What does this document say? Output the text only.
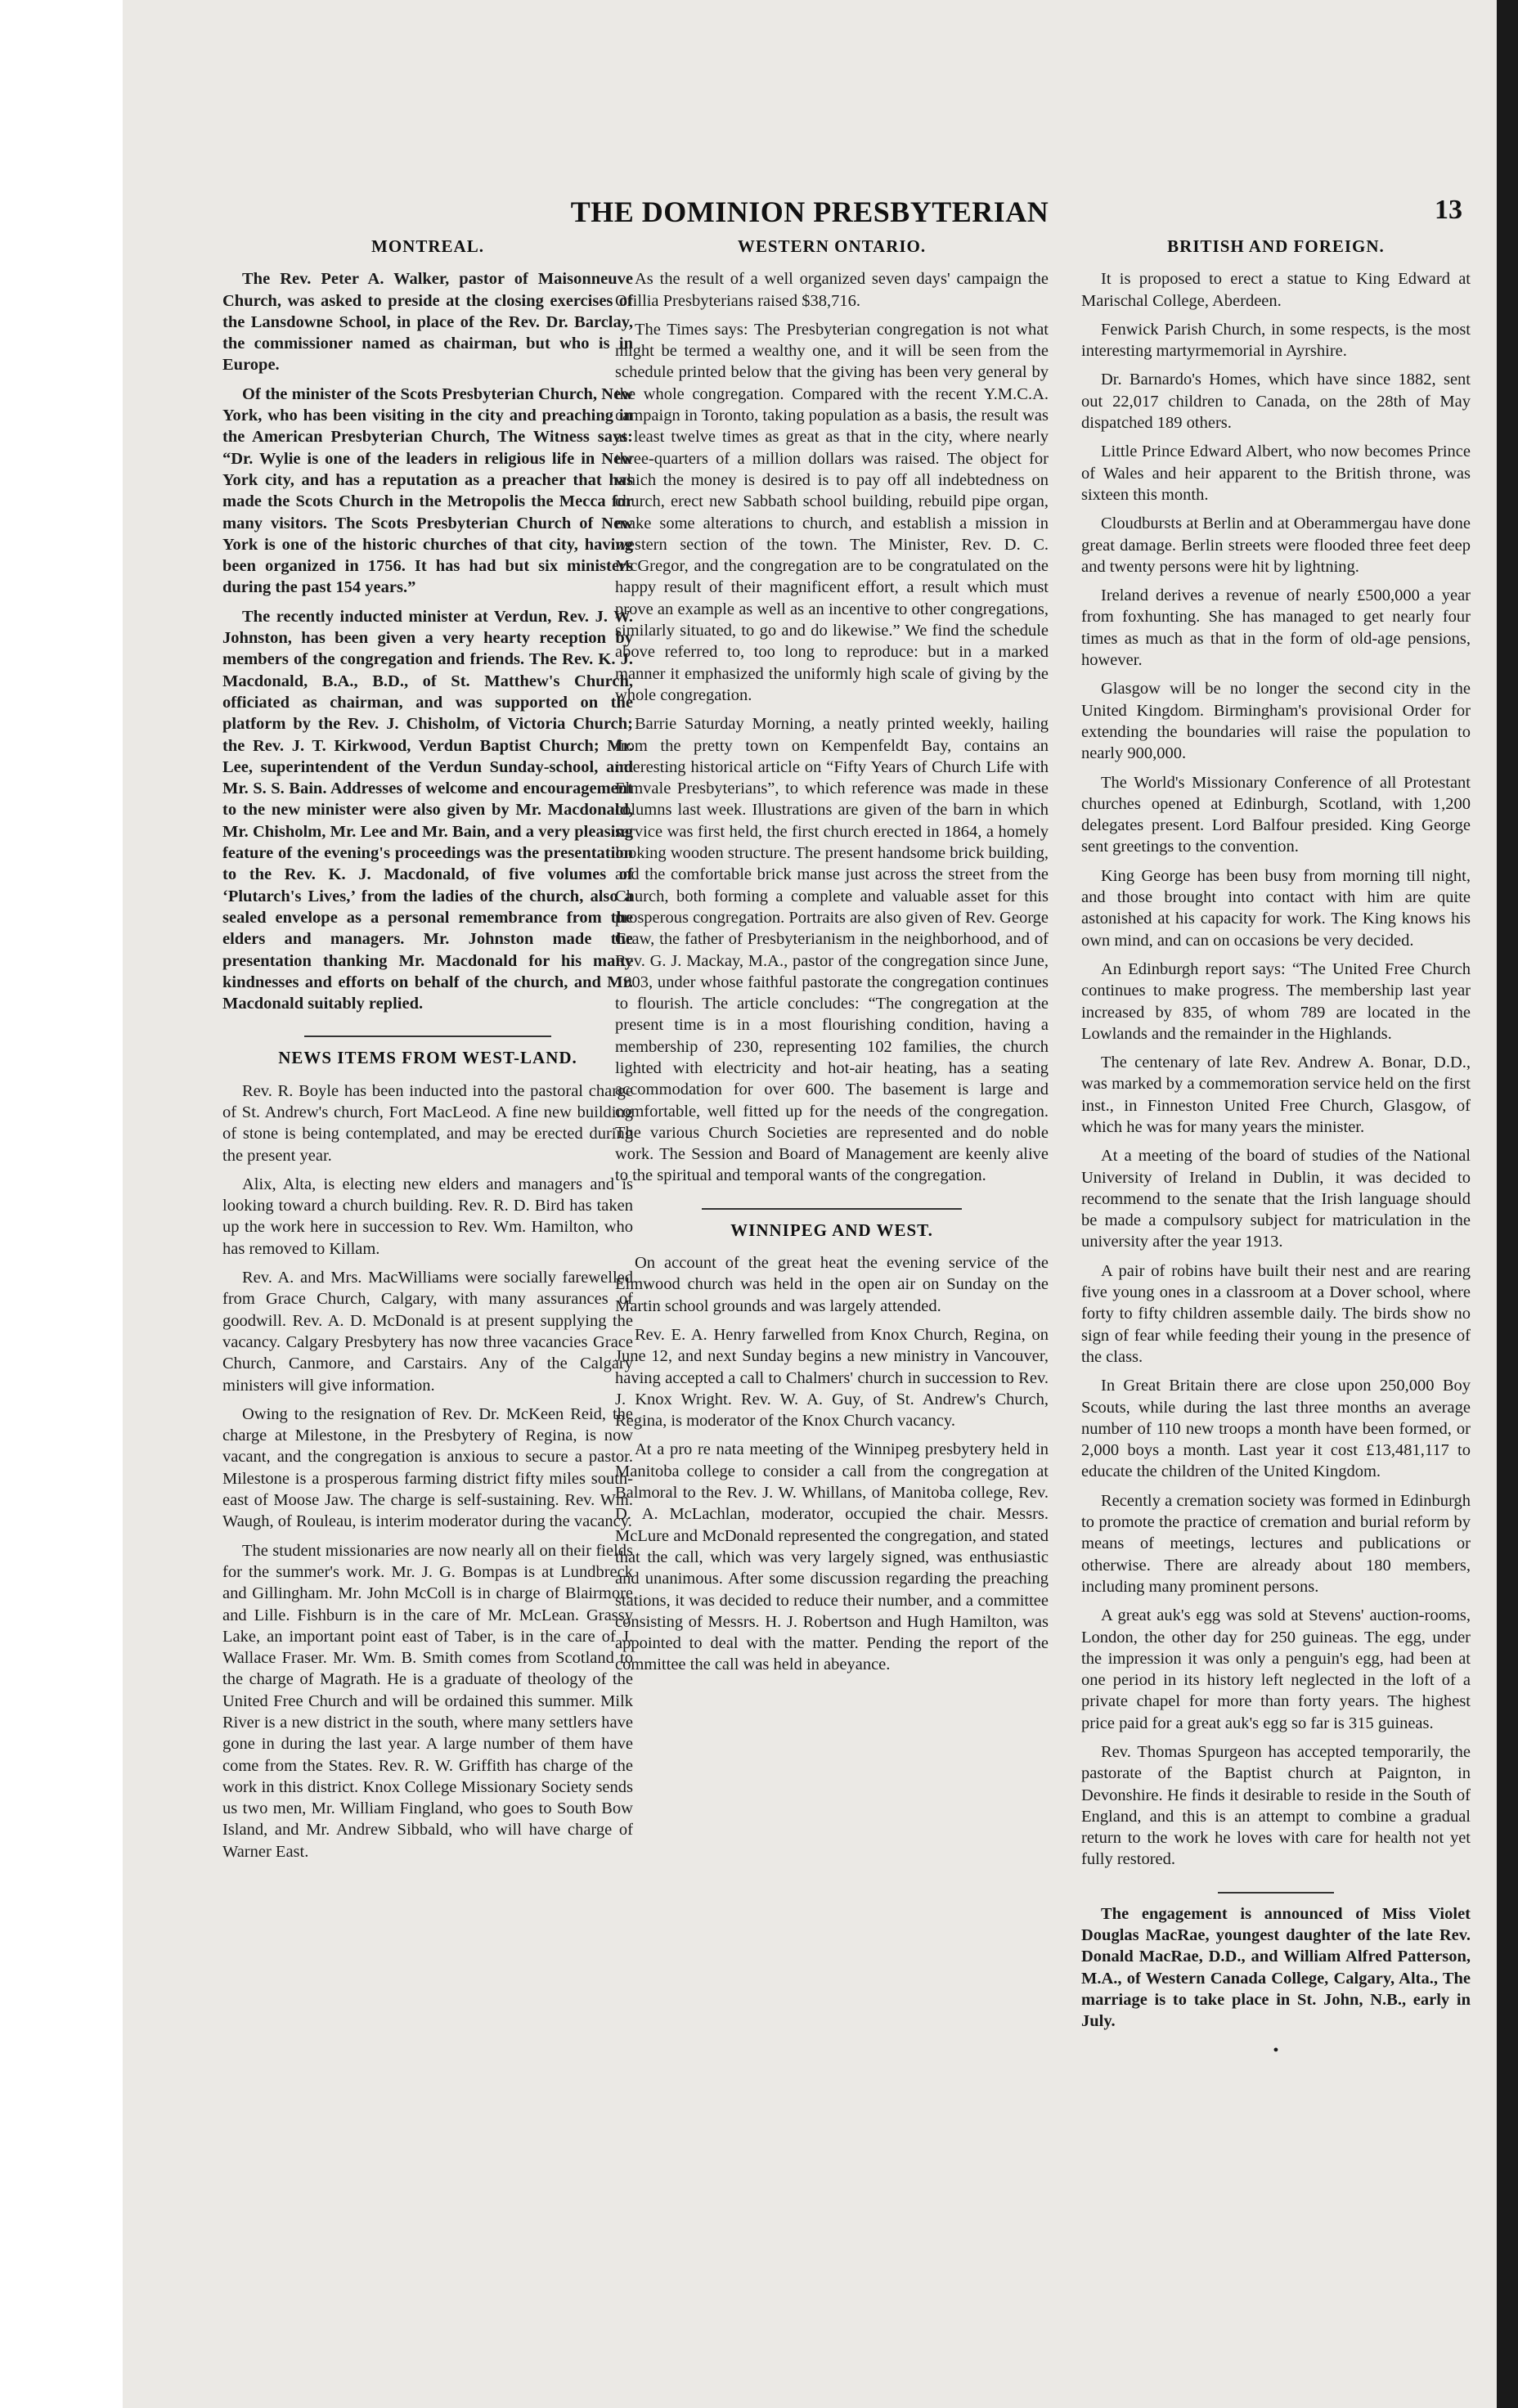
THE DOMINION PRESBYTERIAN	13
MONTREAL.

The Rev. Peter A. Walker, pastor of Maisonneuve Church, was asked to preside at the closing exercises of the Lansdowne School, in place of the Rev. Dr. Barclay, the commissioner named as chairman, but who is in Europe.

Of the minister of the Scots Presbyterian Church, New York, who has been visiting in the city and preaching in the American Presbyterian Church, The Witness says: “Dr. Wylie is one of the leaders in religious life in New York city, and has a reputation as a preacher that has made the Scots Church in the Metropolis the Mecca for many visitors. The Scots Presbyterian Church of New York is one of the historic churches of that city, having been organized in 1756. It has had but six ministers during the past 154 years.”

The recently inducted minister at Verdun, Rev. J. W. Johnston, has been given a very hearty reception by members of the congregation and friends. The Rev. K. J. Macdonald, B.A., B.D., of St. Matthew's Church, officiated as chairman, and was supported on the platform by the Rev. J. Chisholm, of Victoria Church; the Rev. J. T. Kirkwood, Verdun Baptist Church; Mr. Lee, superintendent of the Verdun Sunday-school, and Mr. S. S. Bain. Addresses of welcome and encouragement to the new minister were also given by Mr. Macdonald, Mr. Chisholm, Mr. Lee and Mr. Bain, and a very pleasing feature of the evening's proceedings was the presentation to the Rev. K. J. Macdonald, of five volumes of ‘Plutarch's Lives,’ from the ladies of the church, also a sealed envelope as a personal remembrance from the elders and managers. Mr. Johnston made the presentation thanking Mr. Macdonald for his many kindnesses and efforts on behalf of the church, and Mr. Macdonald suitably replied.

NEWS ITEMS FROM WEST-LAND.

Rev. R. Boyle has been inducted into the pastoral charge of St. Andrew's church, Fort MacLeod. A fine new building of stone is being contemplated, and may be erected during the present year.

Alix, Alta, is electing new elders and managers and is looking toward a church building. Rev. R. D. Bird has taken up the work here in succession to Rev. Wm. Hamilton, who has removed to Killam.

Rev. A. and Mrs. MacWilliams were socially farewelled from Grace Church, Calgary, with many assurances of goodwill. Rev. A. D. McDonald is at present supplying the vacancy. Calgary Presbytery has now three vacancies Grace Church, Canmore, and Carstairs. Any of the Calgary ministers will give information.

Owing to the resignation of Rev. Dr. McKeen Reid, the charge at Milestone, in the Presbytery of Regina, is now vacant, and the congregation is anxious to secure a pastor. Milestone is a prosperous farming district fifty miles south-east of Moose Jaw. The charge is self-sustaining. Rev. Wm. Waugh, of Rouleau, is interim moderator during the vacancy.

The student missionaries are now nearly all on their fields for the summer's work. Mr. J. G. Bompas is at Lundbreck and Gillingham. Mr. John McColl is in charge of Blairmore and Lille. Fishburn is in the care of Mr. McLean. Grassy Lake, an important point east of Taber, is in the care of J. Wallace Fraser. Mr. Wm. B. Smith comes from Scotland to the charge of Magrath. He is a graduate of theology of the United Free Church and will be ordained this summer. Milk River is a new district in the south, where many settlers have gone in during the last year. A large number of them have come from the States. Rev. R. W. Griffith has charge of the work in this district. Knox College Missionary Society sends us two men, Mr. William Fingland, who goes to South Bow Island, and Mr. Andrew Sibbald, who will have charge of Warner East.

WESTERN ONTARIO.

As the result of a well organized seven days' campaign the Orillia Presbyterians raised $38,716.

The Times says: The Presbyterian congregation is not what might be termed a wealthy one, and it will be seen from the schedule printed below that the giving has been very general by the whole congregation. Compared with the recent Y.M.C.A. campaign in Toronto, taking population as a basis, the result was at least twelve times as great as that in the city, where nearly three-quarters of a million dollars was raised. The object for which the money is desired is to pay off all indebtedness on church, erect new Sabbath school building, rebuild pipe organ, make some alterations to church, and establish a mission in western section of the town. The Minister, Rev. D. C. McGregor, and the congregation are to be congratulated on the happy result of their magnificent effort, a result which must prove an example as well as an incentive to other congregations, similarly situated, to go and do likewise.” We find the schedule above referred to, too long to reproduce: but in a marked manner it emphasized the uniformly high scale of giving by the whole congregation.

Barrie Saturday Morning, a neatly printed weekly, hailing from the pretty town on Kempenfeldt Bay, contains an interesting historical article on “Fifty Years of Church Life with Elmvale Presbyterians”, to which reference was made in these columns last week. Illustrations are given of the barn in which service was first held, the first church erected in 1864, a homely looking wooden structure. The present handsome brick building, and the comfortable brick manse just across the street from the Church, both forming a complete and valuable asset for this prosperous congregation. Portraits are also given of Rev. George Craw, the father of Presbyterianism in the neighborhood, and of Rev. G. J. Mackay, M.A., pastor of the congregation since June, 1903, under whose faithful pastorate the congregation continues to flourish. The article concludes: “The congregation at the present time is in a most flourishing condition, having a membership of 230, representing 102 families, the church lighted with electricity and hot-air heating, has a seating accommodation for over 600. The basement is large and comfortable, well fitted up for the needs of the congregation. The various Church Societies are represented and do noble work. The Session and Board of Management are keenly alive to the spiritual and temporal wants of the congregation.

WINNIPEG AND WEST.

On account of the great heat the evening service of the Elmwood church was held in the open air on Sunday on the Martin school grounds and was largely attended.

Rev. E. A. Henry farwelled from Knox Church, Regina, on June 12, and next Sunday begins a new ministry in Vancouver, having accepted a call to Chalmers' church in succession to Rev. J. Knox Wright. Rev. W. A. Guy, of St. Andrew's Church, Regina, is moderator of the Knox Church vacancy.

At a pro re nata meeting of the Winnipeg presbytery held in Manitoba college to consider a call from the congregation at Balmoral to the Rev. J. W. Whillans, of Manitoba college, Rev. D. A. McLachlan, moderator, occupied the chair. Messrs. McLure and McDonald represented the congregation, and stated that the call, which was very largely signed, was enthusiastic and unanimous. After some discussion regarding the preaching stations, it was decided to reduce their number, and a committee consisting of Messrs. H. J. Robertson and Hugh Hamilton, was appointed to deal with the matter. Pending the report of the committee the call was held in abeyance.

BRITISH AND FOREIGN.

It is proposed to erect a statue to King Edward at Marischal College, Aberdeen.

Fenwick Parish Church, in some respects, is the most interesting martyrmemorial in Ayrshire.

Dr. Barnardo's Homes, which have since 1882, sent out 22,017 children to Canada, on the 28th of May dispatched 189 others.

Little Prince Edward Albert, who now becomes Prince of Wales and heir apparent to the British throne, was sixteen this month.

Cloudbursts at Berlin and at Oberammergau have done great damage. Berlin streets were flooded three feet deep and twenty persons were hit by lightning.

Ireland derives a revenue of nearly £500,000 a year from foxhunting. She has managed to get nearly four times as much as that in the form of old-age pensions, however.

Glasgow will be no longer the second city in the United Kingdom. Birmingham's provisional Order for extending the boundaries will raise the population to nearly 900,000.

The World's Missionary Conference of all Protestant churches opened at Edinburgh, Scotland, with 1,200 delegates present. Lord Balfour presided. King George sent greetings to the convention.

King George has been busy from morning till night, and those brought into contact with him are quite astonished at his capacity for work. The King knows his own mind, and can on occasions be very decided.

An Edinburgh report says: “The United Free Church continues to make progress. The membership last year increased by 835, of whom 789 are located in the Lowlands and the remainder in the Highlands.

The centenary of late Rev. Andrew A. Bonar, D.D., was marked by a commemoration service held on the first inst., in Finneston United Free Church, Glasgow, of which he was for many years the minister.

At a meeting of the board of studies of the National University of Ireland in Dublin, it was decided to recommend to the senate that the Irish language should be made a compulsory subject for matriculation in the university after the year 1913.

A pair of robins have built their nest and are rearing five young ones in a classroom at a Dover school, where forty to fifty children assemble daily. The birds show no sign of fear while feeding their young in the presence of the class.

In Great Britain there are close upon 250,000 Boy Scouts, while during the last three months an average number of 110 new troops a month have been formed, or 2,000 boys a month. Last year it cost £13,481,117 to educate the children of the United Kingdom.

Recently a cremation society was formed in Edinburgh to promote the practice of cremation and burial reform by means of meetings, lectures and publications or otherwise. There are already about 180 members, including many prominent persons.

A great auk's egg was sold at Stevens' auction-rooms, London, the other day for 250 guineas. The egg, under the impression it was only a penguin's egg, had been at one period in its history left neglected in the loft of a private chapel for more than forty years. The highest price paid for a great auk's egg so far is 315 guineas.

Rev. Thomas Spurgeon has accepted temporarily, the pastorate of the Baptist church at Paignton, in Devonshire. He finds it desirable to reside in the South of England, and this is an attempt to combine a gradual return to the work he loves with care for health not yet fully restored.

The engagement is announced of Miss Violet Douglas MacRae, youngest daughter of the late Rev. Donald MacRae, D.D., and William Alfred Patterson, M.A., of Western Canada College, Calgary, Alta., The marriage is to take place in St. John, N.B., early in July.

•
